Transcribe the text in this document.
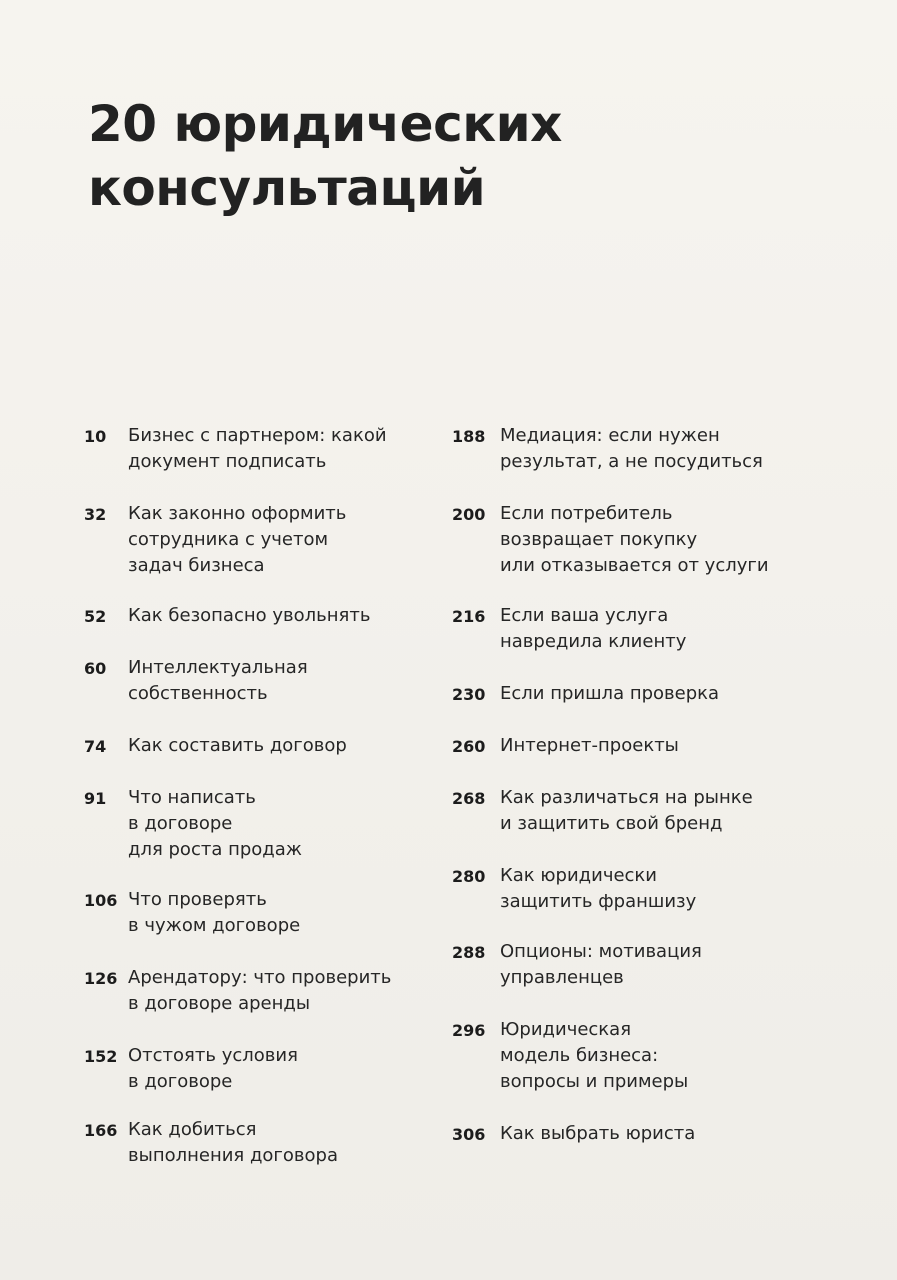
20 юридических
консультаций
10	Бизнес с партнером: какой
документ подписать
32	Как законно оформить
сотрудника с учетом
задач бизнеса
52	Как безопасно увольнять
60	Интеллектуальная
собственность
74	Как составить договор
91	Что написать
в договоре
для роста продаж
106 Что проверять
в чужом договоре
126 Арендатору: что проверить
в договоре аренды
152 Отстоять условия
в договоре
166 Как добиться
выполнения договора
188 Медиация: если нужен
результат, а не посудиться
200 Если потребитель
возвращает покупку
или отказывается от услуги
216 Если ваша услуга
навредила клиенту
230 Если пришла проверка
260 Интернет-проекты
268 Как различаться на рынке
и защитить свой бренд
280 Как юридически
защитить франшизу
288 Опционы: мотивация
управленцев
296 Юридическая
модель бизнеса:
вопросы и примеры
306 Как выбрать юриста
